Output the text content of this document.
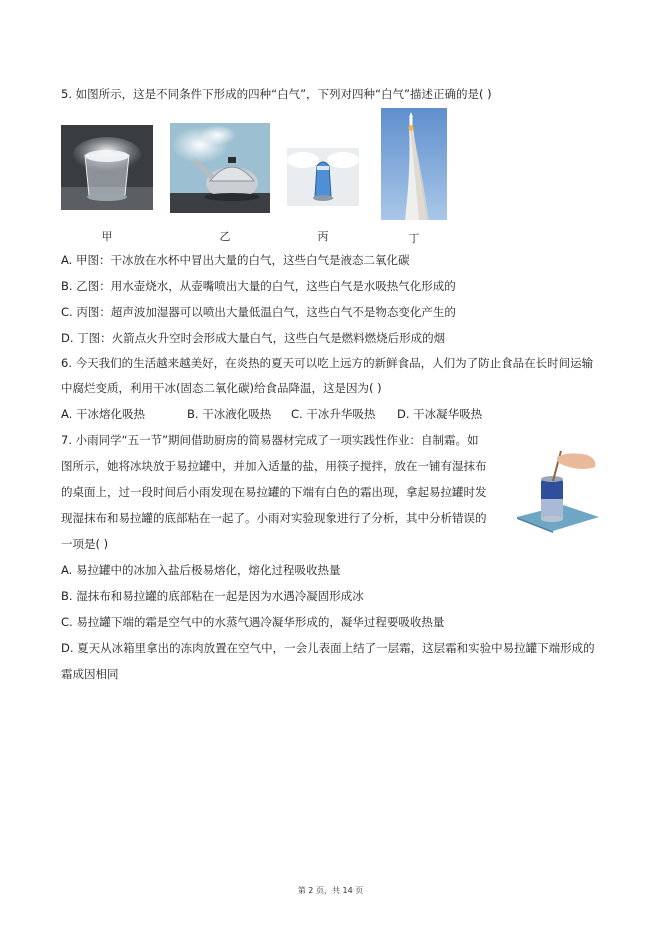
5. 如图所示，这是不同条件下形成的四种“白气”，下列对四种“白气”描述正确的是( )
甲	乙	丙	丁
A. 甲图：干冰放在水杯中冒出大量的白气，这些白气是液态二氧化碳
B. 乙图：用水壶烧水，从壶嘴喷出大量的白气，这些白气是水吸热气化形成的
C. 丙图：超声波加湿器可以喷出大量低温白气，这些白气不是物态变化产生的
D. 丁图：火箭点火升空时会形成大量白气，这些白气是燃料燃烧后形成的烟
6. 今天我们的生活越来越美好，在炎热的夏天可以吃上远方的新鲜食品，人们为了防止食品在长时间运输
中腐烂变质，利用干冰(固态二氧化碳)给食品降温，这是因为( )
A. 干冰熔化吸热	B. 干冰液化吸热 C. 干冰升华吸热 D. 干冰凝华吸热
7. 小雨同学“五一节”期间借助厨房的简易器材完成了一项实践性作业：自制霜。如
图所示，她将冰块放于易拉罐中，并加入适量的盐，用筷子搅拌，放在一铺有湿抹布
的桌面上，过一段时间后小雨发现在易拉罐的下端有白色的霜出现，拿起易拉罐时发
现湿抹布和易拉罐的底部粘在一起了。小雨对实验现象进行了分析，其中分析错误的
一项是( )
A. 易拉罐中的冰加入盐后极易熔化，熔化过程吸收热量
B. 湿抹布和易拉罐的底部粘在一起是因为水遇冷凝固形成冰
C. 易拉罐下端的霜是空气中的水蒸气遇冷凝华形成的，凝华过程要吸收热量
D. 夏天从冰箱里拿出的冻肉放置在空气中，一会儿表面上结了一层霜，这层霜和实验中易拉罐下端形成的
霜成因相同
第 2 页，共 14 页
